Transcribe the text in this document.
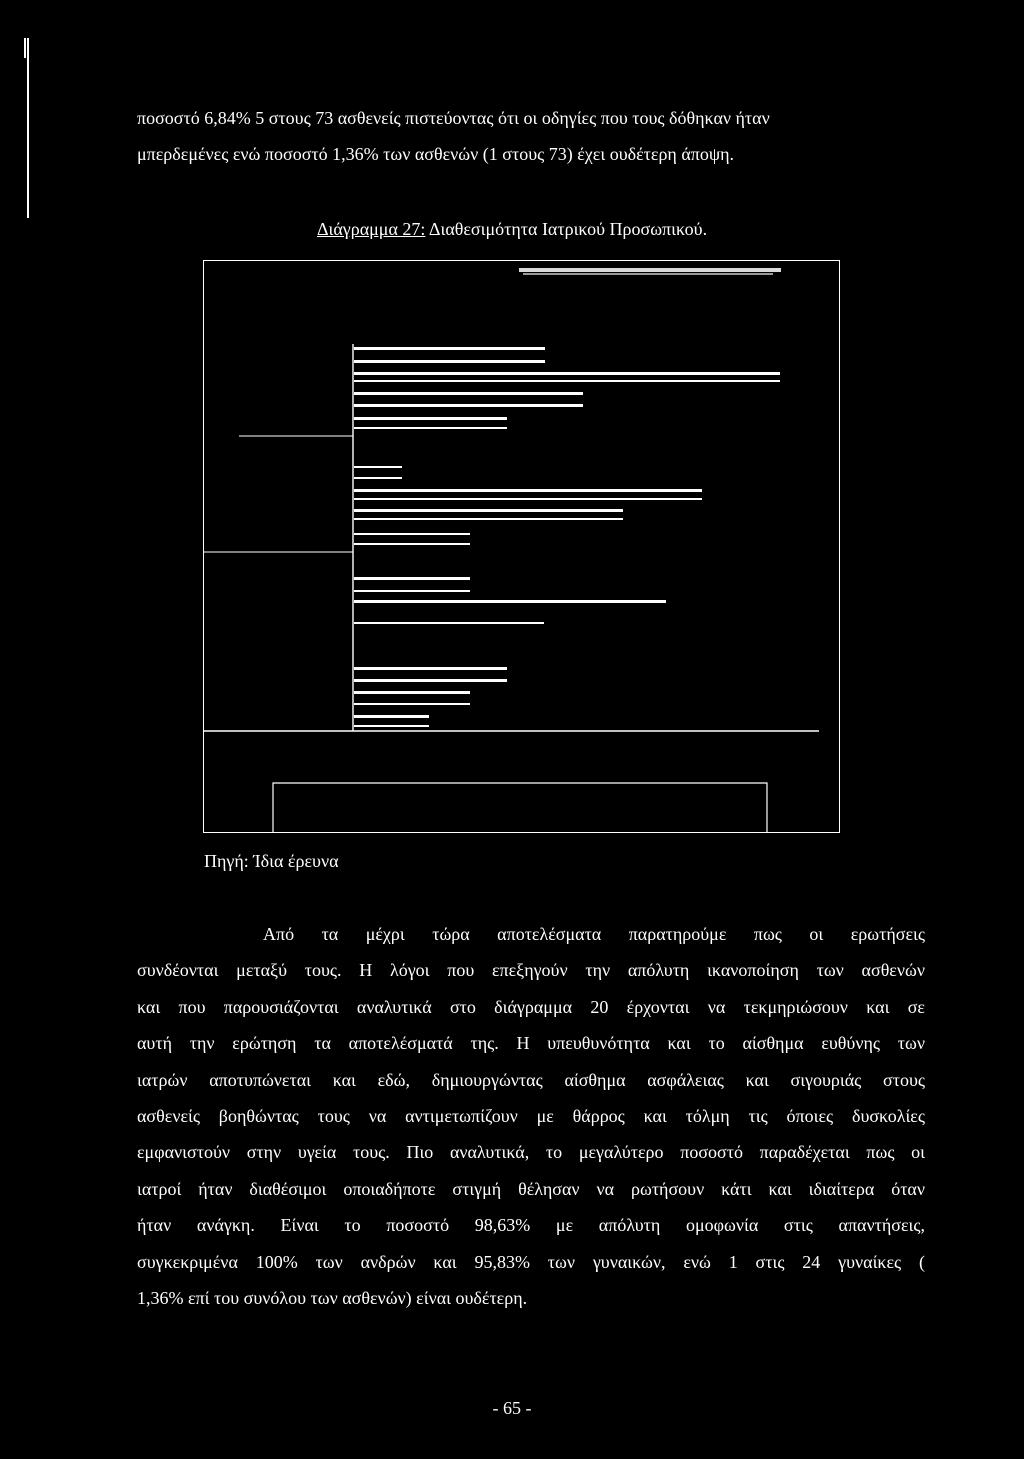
ποσοστό 6,84% 5 στους 73 ασθενείς πιστεύοντας ότι οι οδηγίες που τους δόθηκαν ήταν
μπερδεμένες ενώ ποσοστό 1,36% των ασθενών (1 στους 73) έχει ουδέτερη άποψη.
Διάγραμμα 27: Διαθεσιμότητα Ιατρικού Προσωπικού.
Πηγή: Ίδια έρευνα
Από τα μέχρι τώρα αποτελέσματα παρατηρούμε πως οι ερωτήσεις
συνδέονται μεταξύ τους. Η λόγοι που επεξηγούν την απόλυτη ικανοποίηση των ασθενών
και που παρουσιάζονται αναλυτικά στο διάγραμμα 20 έρχονται να τεκμηριώσουν και σε
αυτή την ερώτηση τα αποτελέσματά της. Η υπευθυνότητα και το αίσθημα ευθύνης των
ιατρών αποτυπώνεται και εδώ, δημιουργώντας αίσθημα ασφάλειας και σιγουριάς στους
ασθενείς βοηθώντας τους να αντιμετωπίζουν με θάρρος και τόλμη τις όποιες δυσκολίες
εμφανιστούν στην υγεία τους. Πιο αναλυτικά, το μεγαλύτερο ποσοστό παραδέχεται πως οι
ιατροί ήταν διαθέσιμοι οποιαδήποτε στιγμή θέλησαν να ρωτήσουν κάτι και ιδιαίτερα όταν
ήταν ανάγκη. Είναι το ποσοστό 98,63% με απόλυτη ομοφωνία στις απαντήσεις,
συγκεκριμένα 100% των ανδρών και 95,83% των γυναικών, ενώ 1 στις 24 γυναίκες (
1,36% επί του συνόλου των ασθενών) είναι ουδέτερη.
- 65 -
